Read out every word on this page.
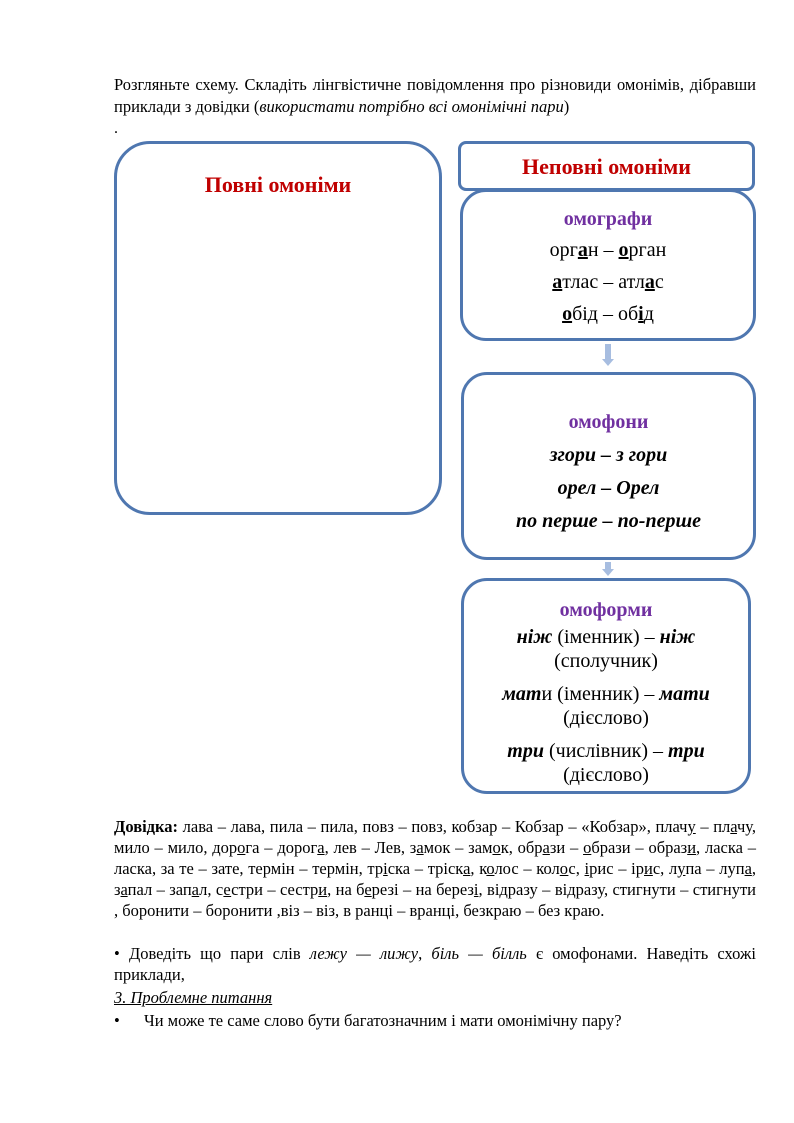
Розгляньте схему. Складіть лінгвістичне повідомлення про різновиди омонімів, дібравши приклади з довідки (використати потрібно всі омонімічні пари)
.
Повні омоніми
Неповні омоніми
омографи
орган – орган
атлас – атлас
обід – обід
омофони
згори – з гори
орел – Орел
по перше – по-перше
омоформи
ніж (іменник) – ніж (сполучник)
мати (іменник) – мати (дієслово)
три (числівник) – три (дієслово)
Довідка: лава – лава, пила – пила, повз – повз, кобзар – Кобзар – «Кобзар», плачу – плачу, мило – мило, дорога – дорога, лев – Лев, замок – замок, образи – образи – образи, ласка – ласка, за те – зате, термін – термін, тріска – тріска, колос – колос, ірис – ірис, лупа – лупа, запал – запал, сестри – сестри, на березі – на березі, відразу – відразу, стигнути – стигнути , боронити – боронити ,віз – віз, в ранці – вранці, безкраю – без краю.
• Доведіть що пари слів лежу — лижу, біль — білль є омофонами. Наведіть схожі приклади,
3. Проблемне питання
• Чи може те саме слово бути багатозначним і мати омонімічну пару?
